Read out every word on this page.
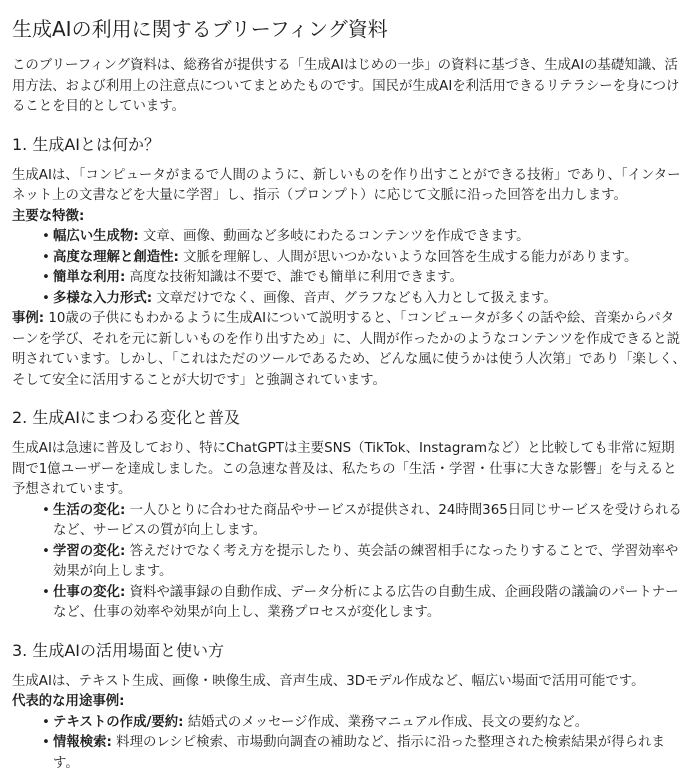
生成AIの利用に関するブリーフィング資料

このブリーフィング資料は、総務省が提供する「生成AIはじめの一歩」の資料に基づき、生成AIの基礎知識、活用方法、および利用上の注意点についてまとめたものです。国民が生成AIを利活用できるリテラシーを身につけることを目的としています。

1. 生成AIとは何か？

生成AIは、「コンピュータがまるで人間のように、新しいものを作り出すことができる技術」であり、「インターネット上の文書などを大量に学習」し、指示（プロンプト）に応じて文脈に沿った回答を出力します。

主要な特徴:

• 幅広い生成物: 文章、画像、動画など多岐にわたるコンテンツを作成できます。
• 高度な理解と創造性: 文脈を理解し、人間が思いつかないような回答を生成する能力があります。
• 簡単な利用: 高度な技術知識は不要で、誰でも簡単に利用できます。
• 多様な入力形式: 文章だけでなく、画像、音声、グラフなども入力として扱えます。

事例: 10歳の子供にもわかるように生成AIについて説明すると、「コンピュータが多くの話や絵、音楽からパターンを学び、それを元に新しいものを作り出すため」に、人間が作ったかのようなコンテンツを作成できると説明されています。しかし、「これはただのツールであるため、どんな風に使うかは使う人次第」であり「楽しく、そして安全に活用することが大切です」と強調されています。

2. 生成AIにまつわる変化と普及

生成AIは急速に普及しており、特にChatGPTは主要SNS（TikTok、Instagramなど）と比較しても非常に短期間で1億ユーザーを達成しました。この急速な普及は、私たちの「生活・学習・仕事に大きな影響」を与えると予想されています。

• 生活の変化: 一人ひとりに合わせた商品やサービスが提供され、24時間365日同じサービスを受けられるなど、サービスの質が向上します。
• 学習の変化: 答えだけでなく考え方を提示したり、英会話の練習相手になったりすることで、学習効率や効果が向上します。
• 仕事の変化: 資料や議事録の自動作成、データ分析による広告の自動生成、企画段階の議論のパートナーなど、仕事の効率や効果が向上し、業務プロセスが変化します。
3. 生成AIの活用場面と使い方

生成AIは、テキスト生成、画像・映像生成、音声生成、3Dモデル作成など、幅広い場面で活用可能です。

代表的な用途事例:

• テキストの作成/要約: 結婚式のメッセージ作成、業務マニュアル作成、長文の要約など。
• 情報検索: 料理のレシピ検索、市場動向調査の補助など、指示に沿った整理された検索結果が得られます。
